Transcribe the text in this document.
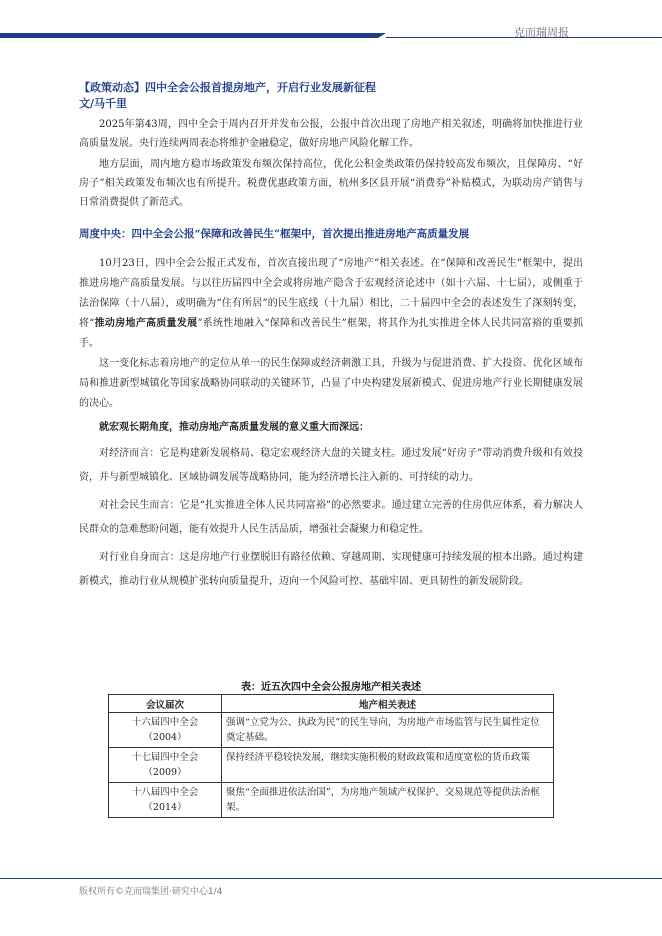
克而瑞周报

【政策动态】四中全会公报首提房地产，开启行业发展新征程

文/马千里

2025年第43周，四中全会于周内召开并发布公报，公报中首次出现了房地产相关叙述，明确将加快推进行业高质量发展。央行连续两周表态将维护金融稳定，做好房地产风险化解工作。

地方层面，周内地方稳市场政策发布频次保持高位，优化公积金类政策仍保持较高发布频次，且保障房、“好房子”相关政策发布频次也有所提升。税费优惠政策方面，杭州多区县开展“消费券”补贴模式，为联动房产销售与日常消费提供了新范式。

周度中央：四中全会公报“保障和改善民生”框架中，首次提出推进房地产高质量发展

10月23日，四中全会公报正式发布，首次直接出现了“房地产”相关表述。在“保障和改善民生”框架中，提出推进房地产高质量发展。与以往历届四中全会或将房地产隐含于宏观经济论述中（如十六届、十七届），或侧重于法治保障（十八届），或明确为“住有所居”的民生底线（十九届）相比，二十届四中全会的表述发生了深刻转变，将“推动房地产高质量发展”系统性地融入“保障和改善民生”框架，将其作为扎实推进全体人民共同富裕的重要抓手。

这一变化标志着房地产的定位从单一的民生保障或经济刺激工具，升级为与促进消费、扩大投资、优化区域布局和推进新型城镇化等国家战略协同联动的关键环节，凸显了中央构建发展新模式、促进房地产行业长期健康发展的决心。

就宏观长期角度，推动房地产高质量发展的意义重大而深远：

对经济而言：它是构建新发展格局、稳定宏观经济大盘的关键支柱。通过发展“好房子”带动消费升级和有效投资，并与新型城镇化、区域协调发展等战略协同，能为经济增长注入新的、可持续的动力。

对社会民生而言：它是“扎实推进全体人民共同富裕”的必然要求。通过建立完善的住房供应体系，着力解决人民群众的急难愁盼问题，能有效提升人民生活品质，增强社会凝聚力和稳定性。

对行业自身而言：这是房地产行业摆脱旧有路径依赖、穿越周期、实现健康可持续发展的根本出路。通过构建新模式，推动行业从规模扩张转向质量提升，迈向一个风险可控、基础牢固、更具韧性的新发展阶段。

表：近五次四中全会公报房地产相关表述
会议届次	地产相关表述

十六届四中全会
（2004）	强调“立党为公、执政为民”的民生导向，为房地产市场监管与民生属性定位奠定基础。

十七届四中全会
（2009）	保持经济平稳较快发展，继续实施积极的财政政策和适度宽松的货币政策

十八届四中全会
（2014）	聚焦“全面推进依法治国”，为房地产领域产权保护、交易规范等提供法治框架。
版权所有©克而瑞集团·研究中心1/4
